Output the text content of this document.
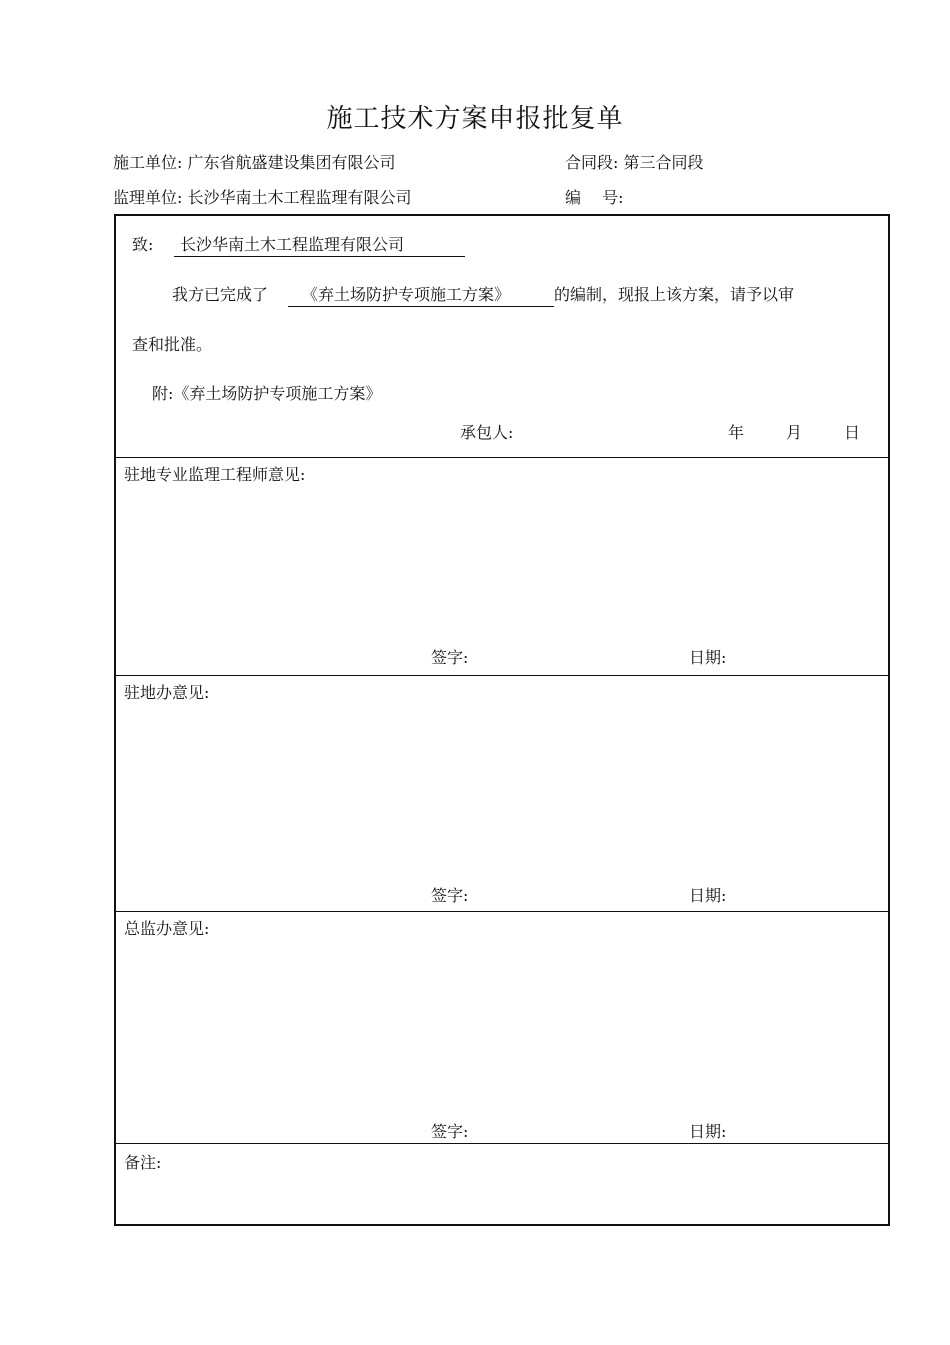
施工技术方案申报批复单
施工单位: 广东省航盛建设集团有限公司	合同段: 第三合同段
监理单位: 长沙华南土木工程监理有限公司	编　 号:
致:	长沙华南土木工程监理有限公司
我方已完成了	《弃土场防护专项施工方案》	的编制，现报上该方案，请予以审
查和批准。
附:《弃土场防护专项施工方案》
承包人:	年	月	日
驻地专业监理工程师意见:
签字:	日期:
驻地办意见:
签字:	日期:
总监办意见:
签字:	日期:
备注:
